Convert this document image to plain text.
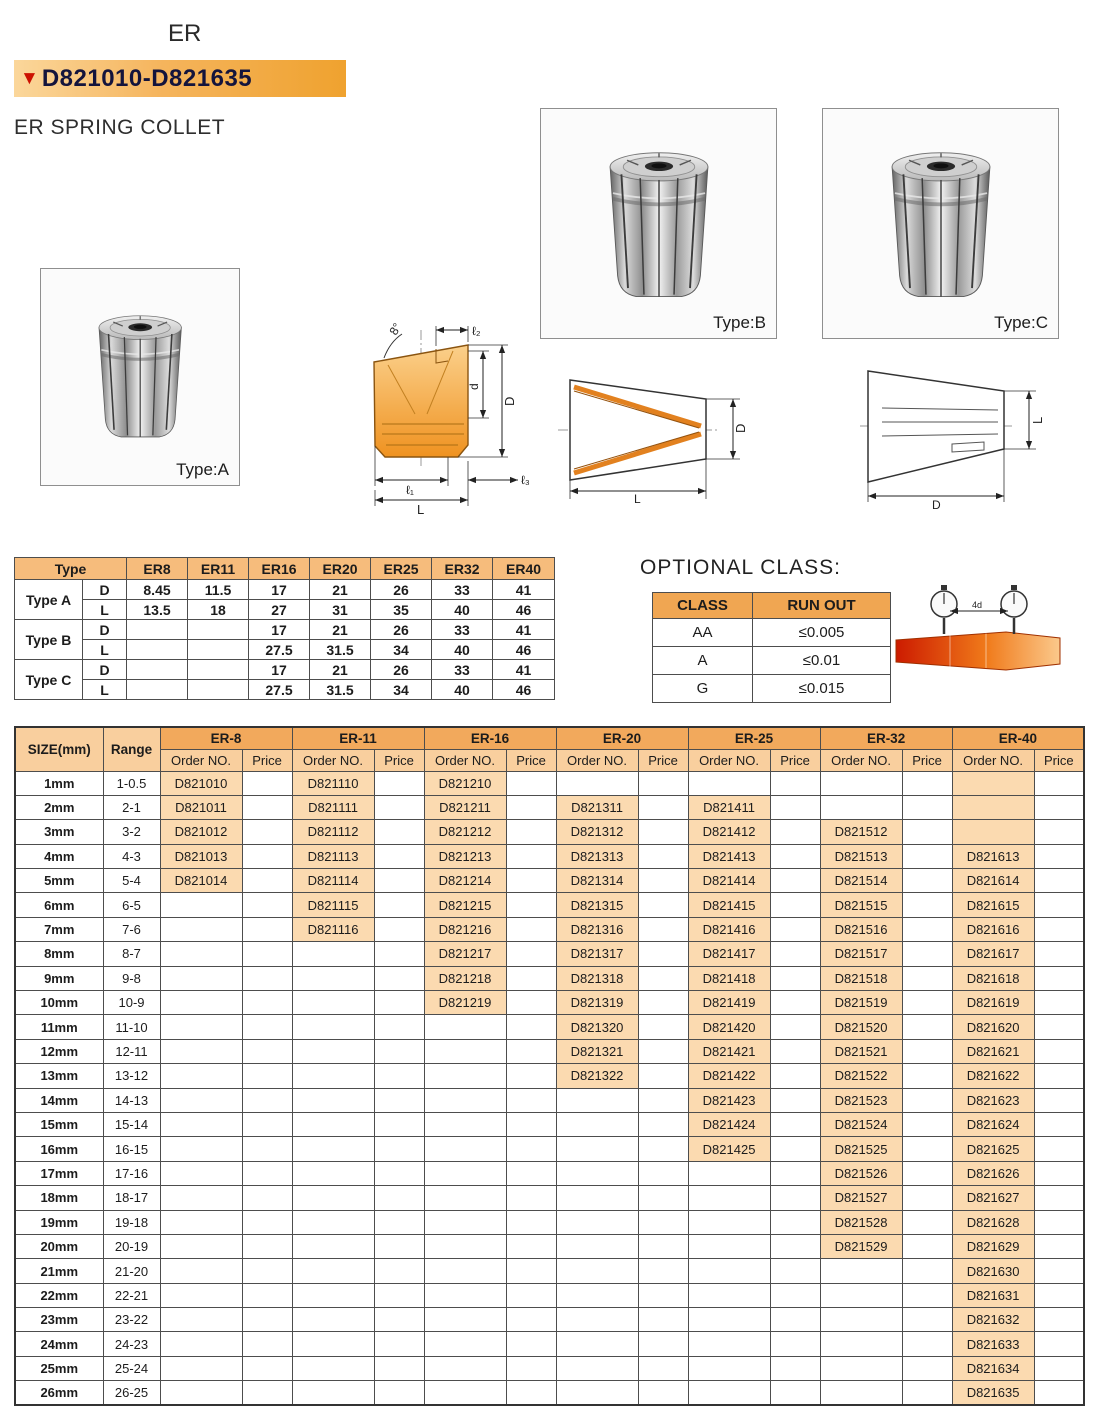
ER
▼ D821010-D821635
ER SPRING COLLET
Type:A
Type:B	Type:C
8°	ℓ₂
d
D
ℓ₁
L
ℓ₃
D
L
L
D
Type		ER8	ER11	ER16	ER20	ER25	ER32	ER40
Type A	D	8.45	11.5	17	21	26	33	41
	L	13.5	18	27	31	35	40	46
Type B	D			17	21	26	33	41
	L			27.5	31.5	34	40	46
Type C	D			17	21	26	33	41
	L			27.5	31.5	34	40	46
OPTIONAL CLASS:
CLASS	RUN OUT
AA	≤0.005
A	≤0.01
G	≤0.015
4d
SIZE(mm)	Range	ER-8		ER-11		ER-16		ER-20		ER-25		ER-32		ER-40	
		Order NO.	Price	Order NO.	Price	Order NO.	Price	Order NO.	Price	Order NO.	Price	Order NO.	Price	Order NO.	Price
1mm	1-0.5	D821010		D821110		D821210									
2mm	2-1	D821011		D821111		D821211		D821311		D821411					
3mm	3-2	D821012		D821112		D821212		D821312		D821412		D821512			
4mm	4-3	D821013		D821113		D821213		D821313		D821413		D821513		D821613	
5mm	5-4	D821014		D821114		D821214		D821314		D821414		D821514		D821614	
6mm	6-5			D821115		D821215		D821315		D821415		D821515		D821615	
7mm	7-6			D821116		D821216		D821316		D821416		D821516		D821616	
8mm	8-7					D821217		D821317		D821417		D821517		D821617	
9mm	9-8					D821218		D821318		D821418		D821518		D821618	
10mm	10-9					D821219		D821319		D821419		D821519		D821619	
11mm	11-10							D821320		D821420		D821520		D821620	
12mm	12-11							D821321		D821421		D821521		D821621	
13mm	13-12							D821322		D821422		D821522		D821622	
14mm	14-13									D821423		D821523		D821623	
15mm	15-14									D821424		D821524		D821624	
16mm	16-15									D821425		D821525		D821625	
17mm	17-16											D821526		D821626	
18mm	18-17											D821527		D821627	
19mm	19-18											D821528		D821628	
20mm	20-19											D821529		D821629	
21mm	21-20													D821630	
22mm	22-21													D821631	
23mm	23-22													D821632	
24mm	24-23													D821633	
25mm	25-24													D821634	
26mm	26-25													D821635	
